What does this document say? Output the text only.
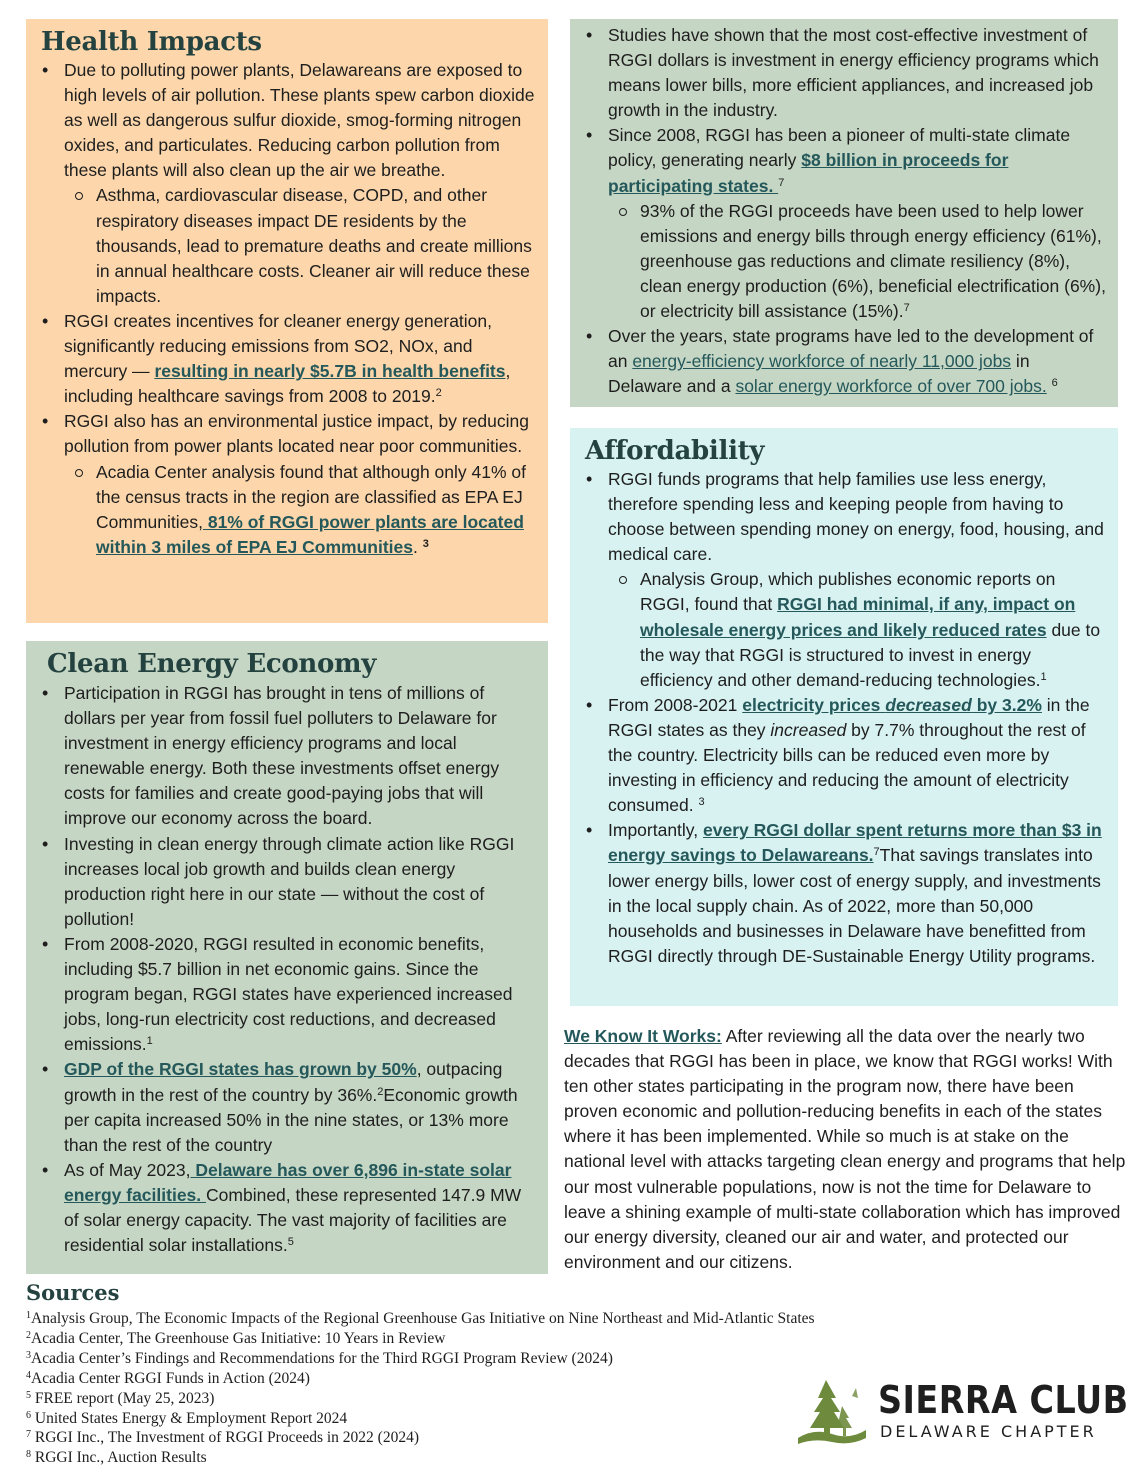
Health Impacts
• Due to polluting power plants, Delawareans are exposed to high levels of air pollution. These plants spew carbon dioxide as well as dangerous sulfur dioxide, smog-forming nitrogen oxides, and particulates. Reducing carbon pollution from these plants will also clean up the air we breathe.
Asthma, cardiovascular disease, COPD, and other respiratory diseases impact DE residents by the thousands, lead to premature deaths and create millions in annual healthcare costs. Cleaner air will reduce these impacts.
• RGGI creates incentives for cleaner energy generation, significantly reducing emissions from SO2, NOx, and mercury — resulting in nearly $5.7B in health benefits, including healthcare savings from 2008 to 2019.$^2$
• RGGI also has an environmental justice impact, by reducing pollution from power plants located near poor communities.
Acadia Center analysis found that although only 41% of the census tracts in the region are classified as EPA EJ Communities, 81% of RGGI power plants are located within 3 miles of EPA EJ Communities. $^3$
Clean Energy Economy
• Participation in RGGI has brought in tens of millions of dollars per year from fossil fuel polluters to Delaware for investment in energy efficiency programs and local renewable energy. Both these investments offset energy costs for families and create good-paying jobs that will improve our economy across the board.
• Investing in clean energy through climate action like RGGI increases local job growth and builds clean energy production right here in our state — without the cost of pollution!
• From 2008-2020, RGGI resulted in economic benefits, including $5.7 billion in net economic gains. Since the program began, RGGI states have experienced increased jobs, long-run electricity cost reductions, and decreased emissions.$^1$
• GDP of the RGGI states has grown by 50%, outpacing growth in the rest of the country by 36%.$^2$Economic growth per capita increased 50% in the nine states, or 13% more than the rest of the country
• As of May 2023, Delaware has over 6,896 in-state solar energy facilities. Combined, these represented 147.9 MW of solar energy capacity. The vast majority of facilities are residential solar installations.$^5$
• Studies have shown that the most cost-effective investment of RGGI dollars is investment in energy efficiency programs which means lower bills, more efficient appliances, and increased job growth in the industry.
• Since 2008, RGGI has been a pioneer of multi-state climate policy, generating nearly $8 billion in proceeds for participating states. $^7$
93% of the RGGI proceeds have been used to help lower emissions and energy bills through energy efficiency (61%), greenhouse gas reductions and climate resiliency (8%), clean energy production (6%), beneficial electrification (6%), or electricity bill assistance (15%).$^7$
• Over the years, state programs have led to the development of an energy-efficiency workforce of nearly 11,000 jobs in Delaware and a solar energy workforce of over 700 jobs. $^6$
Affordability
• RGGI funds programs that help families use less energy, therefore spending less and keeping people from having to choose between spending money on energy, food, housing, and medical care.
Analysis Group, which publishes economic reports on RGGI, found that RGGI had minimal, if any, impact on wholesale energy prices and likely reduced rates due to the way that RGGI is structured to invest in energy efficiency and other demand-reducing technologies.$^1$
• From 2008-2021 electricity prices decreased by 3.2% in the RGGI states as they increased by 7.7% throughout the rest of the country. Electricity bills can be reduced even more by investing in efficiency and reducing the amount of electricity consumed. $^3$
• Importantly, every RGGI dollar spent returns more than $3 in energy savings to Delawareans.$^7$That savings translates into lower energy bills, lower cost of energy supply, and investments in the local supply chain. As of 2022, more than 50,000 households and businesses in Delaware have benefitted from RGGI directly through DE-Sustainable Energy Utility programs.
We Know It Works: After reviewing all the data over the nearly two decades that RGGI has been in place, we know that RGGI works! With ten other states participating in the program now, there have been proven economic and pollution-reducing benefits in each of the states where it has been implemented. While so much is at stake on the national level with attacks targeting clean energy and programs that help our most vulnerable populations, now is not the time for Delaware to leave a shining example of multi-state collaboration which has improved our energy diversity, cleaned our air and water, and protected our environment and our citizens.
Sources
$^1$Analysis Group, The Economic Impacts of the Regional Greenhouse Gas Initiative on Nine Northeast and Mid-Atlantic States
$^2$Acadia Center, The Greenhouse Gas Initiative: 10 Years in Review
$^3$Acadia Center’s Findings and Recommendations for the Third RGGI Program Review (2024)
$^4$Acadia Center RGGI Funds in Action (2024)
$^5$ FREE report (May 25, 2023)
$^6$ United States Energy & Employment Report 2024
$^7$ RGGI Inc., The Investment of RGGI Proceeds in 2022 (2024)
$^8$ RGGI Inc., Auction Results
SIERRA CLUB
DELAWARE CHAPTER
